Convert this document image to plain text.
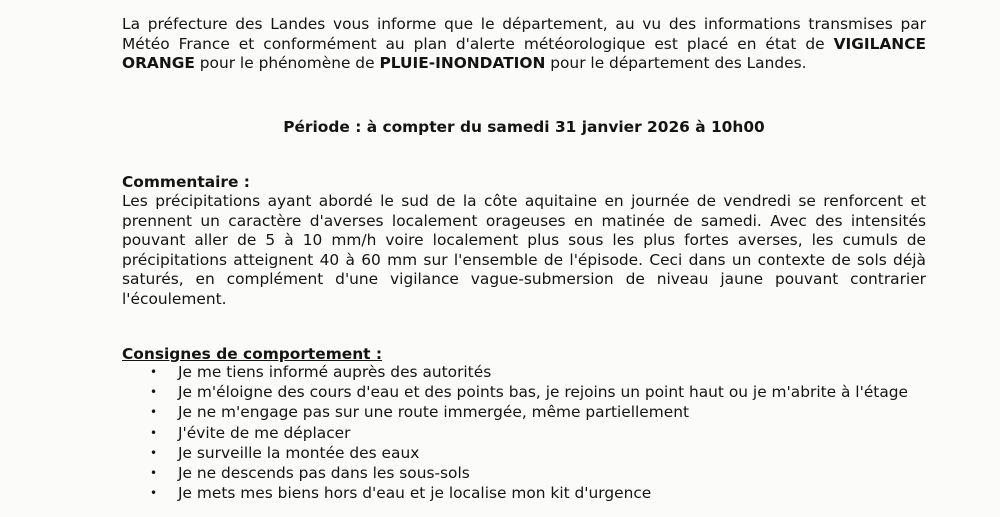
La préfecture des Landes vous informe que le département, au vu des informations transmises par Météo France et conformément au plan d'alerte météorologique est placé en état de VIGILANCE ORANGE pour le phénomène de PLUIE-INONDATION pour le département des Landes.

Période : à compter du samedi 31 janvier 2026 à 10h00
Commentaire :

Les précipitations ayant abordé le sud de la côte aquitaine en journée de vendredi se renforcent et prennent un caractère d'averses localement orageuses en matinée de samedi. Avec des intensités pouvant aller de 5 à 10 mm/h voire localement plus sous les plus fortes averses, les cumuls de précipitations atteignent 40 à 60 mm sur l'ensemble de l'épisode. Ceci dans un contexte de sols déjà saturés, en complément d'une vigilance vague-submersion de niveau jaune pouvant contrarier l'écoulement.

Consignes de comportement :
• Je me tiens informé auprès des autorités
• Je m'éloigne des cours d'eau et des points bas, je rejoins un point haut ou je m'abrite à l'étage
• Je ne m'engage pas sur une route immergée, même partiellement
• J'évite de me déplacer
• Je surveille la montée des eaux
• Je ne descends pas dans les sous-sols
• Je mets mes biens hors d'eau et je localise mon kit d'urgence
